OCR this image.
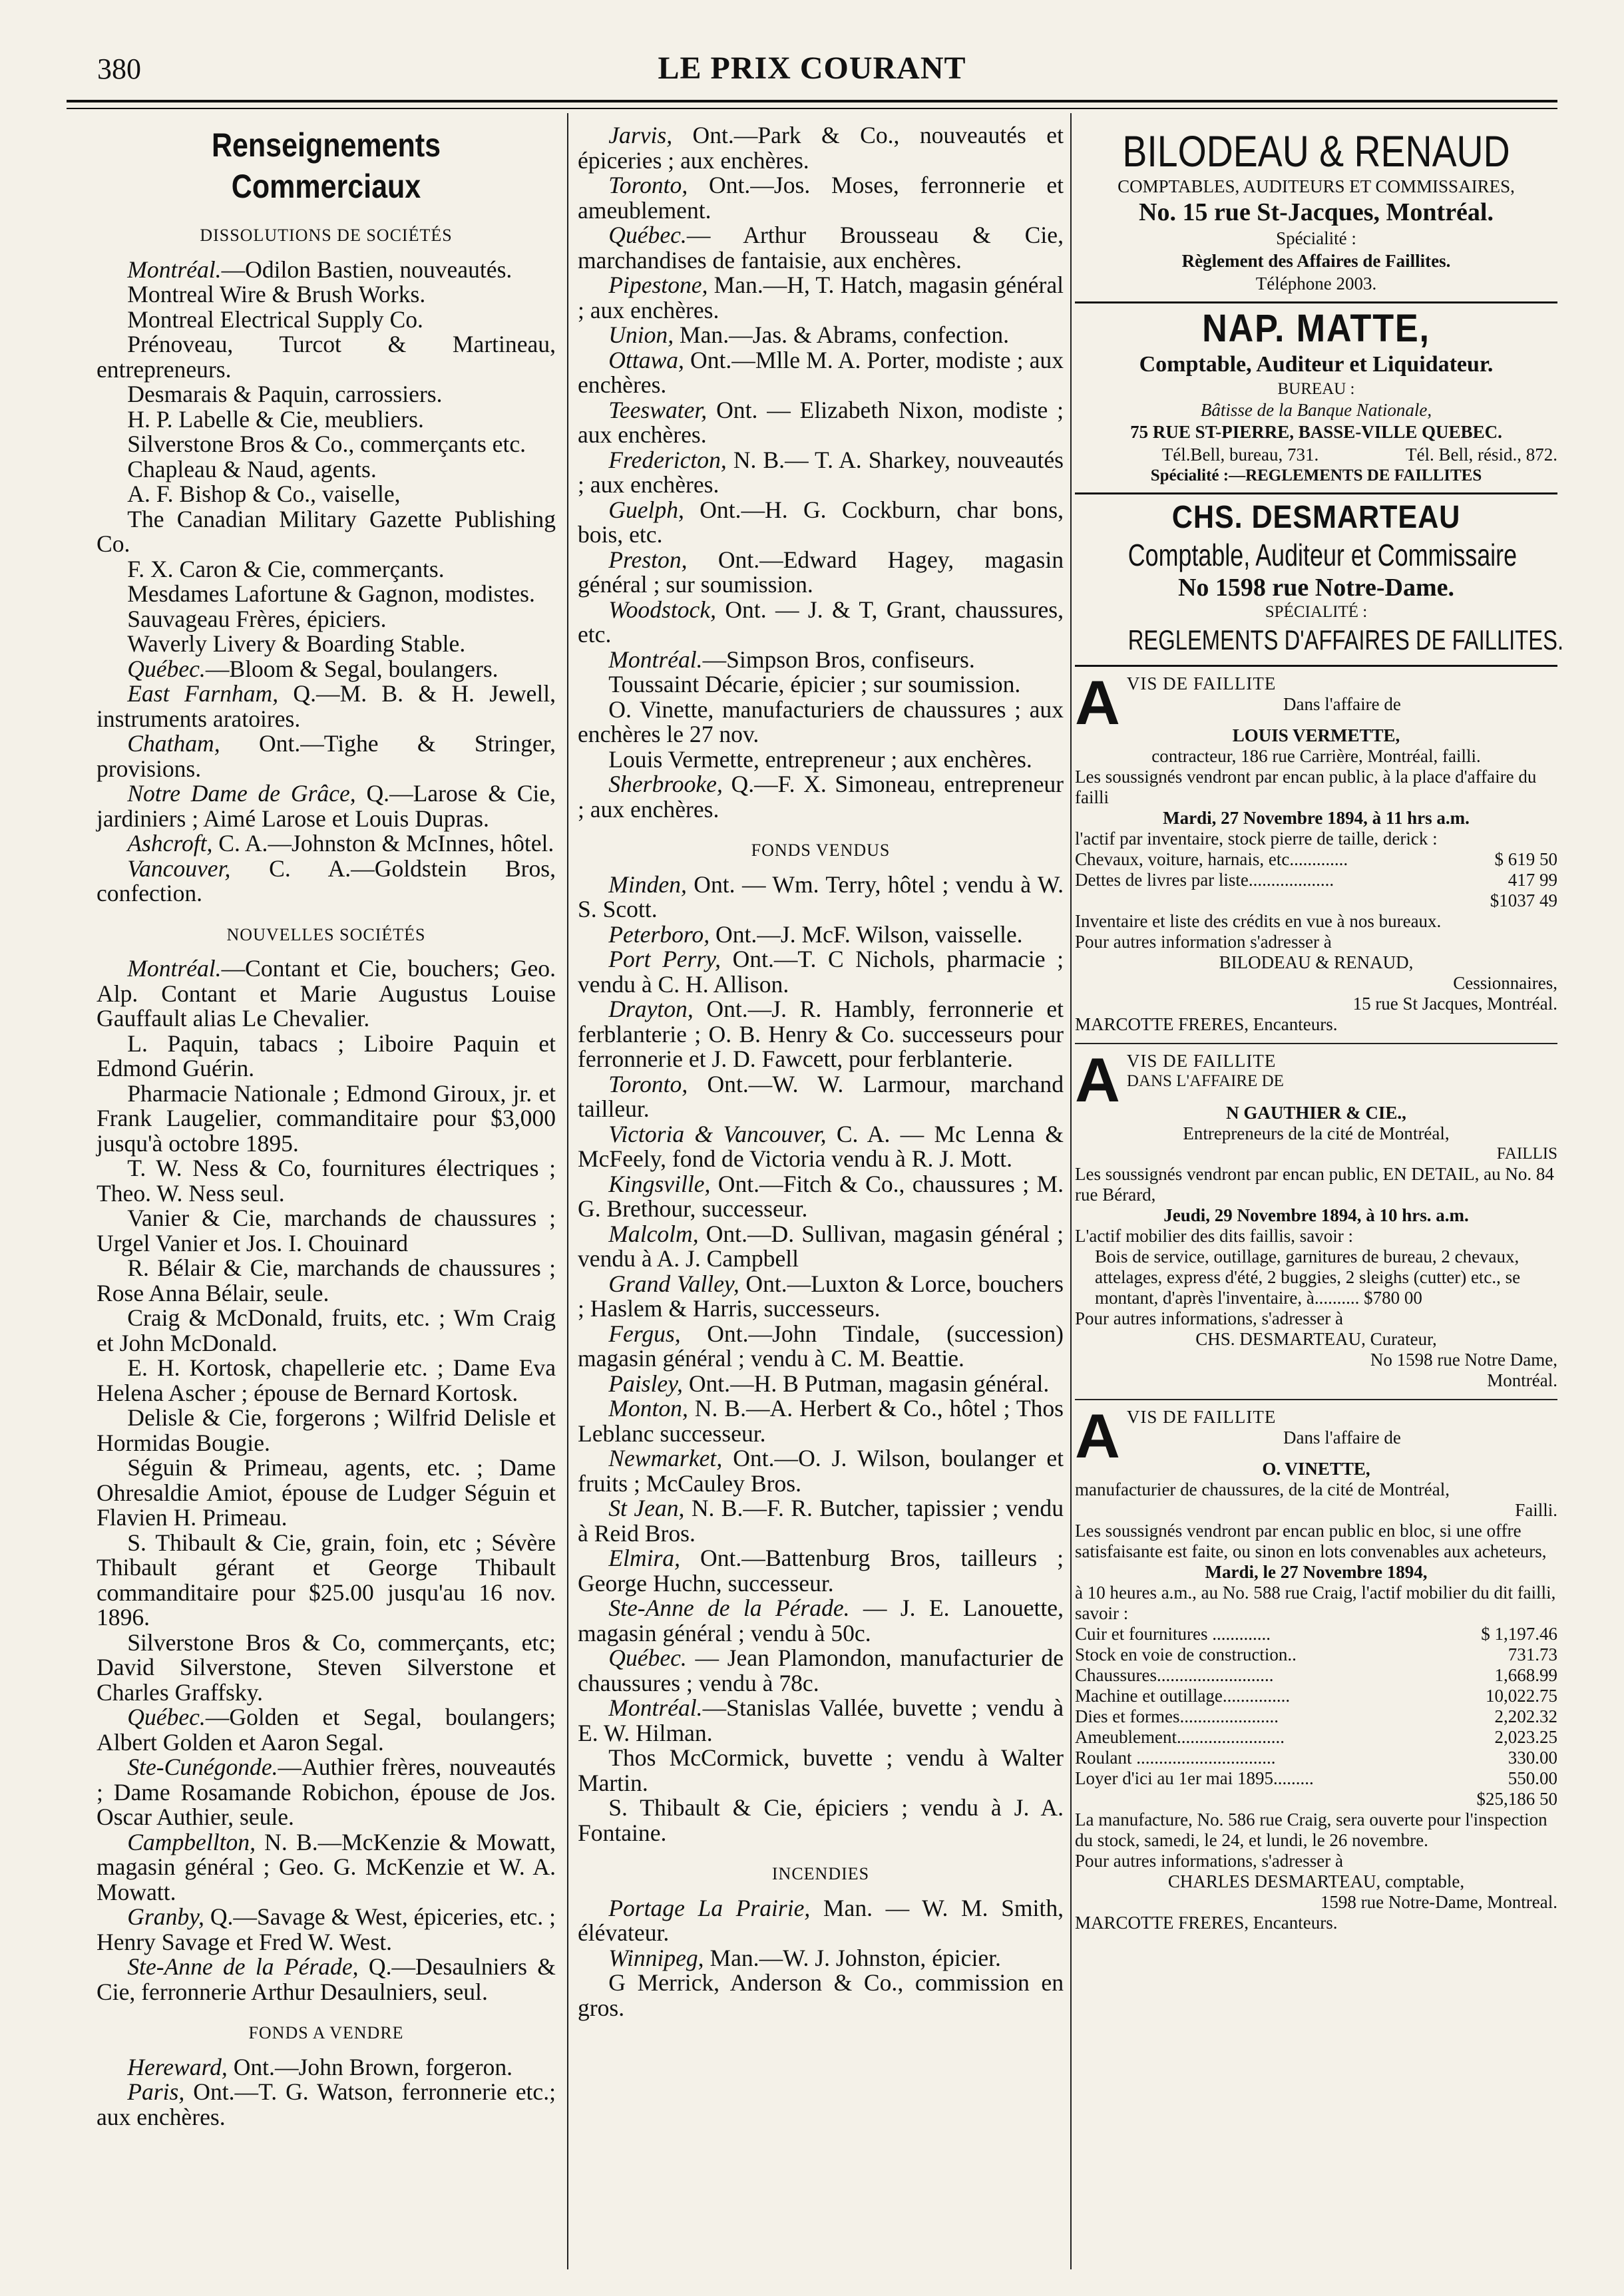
380	LE PRIX COURANT
Renseignements Commerciaux
DISSOLUTIONS DE SOCIÉTÉS

Montréal.—Odilon Bastien, nouveautés.

Montreal Wire & Brush Works.

Montreal Electrical Supply Co.

Prénoveau, Turcot & Martineau, entrepreneurs.

Desmarais & Paquin, carrossiers.

H. P. Labelle & Cie, meubliers.

Silverstone Bros & Co., commerçants etc.

Chapleau & Naud, agents.

A. F. Bishop & Co., vaiselle,

The Canadian Military Gazette Publishing Co.

F. X. Caron & Cie, commerçants.

Mesdames Lafortune & Gagnon, modistes.

Sauvageau Frères, épiciers.

Waverly Livery & Boarding Stable.

Québec.—Bloom & Segal, boulangers.

East Farnham, Q.—M. B. & H. Jewell, instruments aratoires.

Chatham, Ont.—Tighe & Stringer, provisions.

Notre Dame de Grâce, Q.—Larose & Cie, jardiniers ; Aimé Larose et Louis Dupras.

Ashcroft, C. A.—Johnston & McInnes, hôtel.

Vancouver, C. A.—Goldstein Bros, confection.

NOUVELLES SOCIÉTÉS

Montréal.—Contant et Cie, bouchers; Geo. Alp. Contant et Marie Augustus Louise Gauffault alias Le Chevalier.

L. Paquin, tabacs ; Liboire Paquin et Edmond Guérin.

Pharmacie Nationale ; Edmond Giroux, jr. et Frank Laugelier, commanditaire pour $3,000 jusqu'à octobre 1895.

T. W. Ness & Co, fournitures électriques ; Theo. W. Ness seul.

Vanier & Cie, marchands de chaussures ; Urgel Vanier et Jos. I. Chouinard

R. Bélair & Cie, marchands de chaussures ; Rose Anna Bélair, seule.

Craig & McDonald, fruits, etc. ; Wm Craig et John McDonald.

E. H. Kortosk, chapellerie etc. ; Dame Eva Helena Ascher ; épouse de Bernard Kortosk.

Delisle & Cie, forgerons ; Wilfrid Delisle et Hormidas Bougie.

Séguin & Primeau, agents, etc. ; Dame Ohresaldie Amiot, épouse de Ludger Séguin et Flavien H. Primeau.

S. Thibault & Cie, grain, foin, etc ; Sévère Thibault gérant et George Thibault commanditaire pour $25.00 jusqu'au 16 nov. 1896.

Silverstone Bros & Co, commerçants, etc; David Silverstone, Steven Silverstone et Charles Graffsky.

Québec.—Golden et Segal, boulangers; Albert Golden et Aaron Segal.

Ste-Cunégonde.—Authier frères, nouveautés ; Dame Rosamande Robichon, épouse de Jos. Oscar Authier, seule.

Campbellton, N. B.—McKenzie & Mowatt, magasin général ; Geo. G. McKenzie et W. A. Mowatt.

Granby, Q.—Savage & West, épiceries, etc. ; Henry Savage et Fred W. West.

Ste-Anne de la Pérade, Q.—Desaulniers & Cie, ferronnerie Arthur Desaulniers, seul.

FONDS A VENDRE

Hereward, Ont.—John Brown, forgeron.

Paris, Ont.—T. G. Watson, ferronnerie etc.; aux enchères.

Jarvis, Ont.—Park & Co., nouveautés et épiceries ; aux enchères.

Toronto, Ont.—Jos. Moses, ferronnerie et ameublement.

Québec.— Arthur Brousseau & Cie, marchandises de fantaisie, aux enchères.

Pipestone, Man.—H, T. Hatch, magasin général ; aux enchères.

Union, Man.—Jas. & Abrams, confection.

Ottawa, Ont.—Mlle M. A. Porter, modiste ; aux enchères.

Teeswater, Ont. — Elizabeth Nixon, modiste ; aux enchères.

Fredericton, N. B.— T. A. Sharkey, nouveautés ; aux enchères.

Guelph, Ont.—H. G. Cockburn, char bons, bois, etc.

Preston, Ont.—Edward Hagey, magasin général ; sur soumission.

Woodstock, Ont. — J. & T, Grant, chaussures, etc.

Montréal.—Simpson Bros, confiseurs.

Toussaint Décarie, épicier ; sur soumission.

O. Vinette, manufacturiers de chaussures ; aux enchères le 27 nov.

Louis Vermette, entrepreneur ; aux enchères.

Sherbrooke, Q.—F. X. Simoneau, entrepreneur ; aux enchères.

FONDS VENDUS

Minden, Ont. — Wm. Terry, hôtel ; vendu à W. S. Scott.

Peterboro, Ont.—J. McF. Wilson, vaisselle.

Port Perry, Ont.—T. C Nichols, pharmacie ; vendu à C. H. Allison.

Drayton, Ont.—J. R. Hambly, ferronnerie et ferblanterie ; O. B. Henry & Co. successeurs pour ferronnerie et J. D. Fawcett, pour ferblanterie.

Toronto, Ont.—W. W. Larmour, marchand tailleur.

Victoria & Vancouver, C. A. — Mc Lenna & McFeely, fond de Victoria vendu à R. J. Mott.

Kingsville, Ont.—Fitch & Co., chaussures ; M. G. Brethour, successeur.

Malcolm, Ont.—D. Sullivan, magasin général ; vendu à A. J. Campbell

Grand Valley, Ont.—Luxton & Lorce, bouchers ; Haslem & Harris, successeurs.

Fergus, Ont.—John Tindale, (succession) magasin général ; vendu à C. M. Beattie.

Paisley, Ont.—H. B Putman, magasin général.

Monton, N. B.—A. Herbert & Co., hôtel ; Thos Leblanc successeur.

Newmarket, Ont.—O. J. Wilson, boulanger et fruits ; McCauley Bros.

St Jean, N. B.—F. R. Butcher, tapissier ; vendu à Reid Bros.

Elmira, Ont.—Battenburg Bros, tailleurs ; George Huchn, successeur.

Ste-Anne de la Pérade. — J. E. Lanouette, magasin général ; vendu à 50c.

Québec. — Jean Plamondon, manufacturier de chaussures ; vendu à 78c.

Montréal.—Stanislas Vallée, buvette ; vendu à E. W. Hilman.

Thos McCormick, buvette ; vendu à Walter Martin.

S. Thibault & Cie, épiciers ; vendu à J. A. Fontaine.

INCENDIES

Portage La Prairie, Man. — W. M. Smith, élévateur.

Winnipeg, Man.—W. J. Johnston, épicier.

G Merrick, Anderson & Co., commission en gros.

BILODEAU & RENAUD
COMPTABLES, AUDITEURS ET COMMISSAIRES,
No. 15 rue St-Jacques, Montréal.
Spécialité :
Règlement des Affaires de Faillites.
Téléphone 2003.
NAP. MATTE,
Comptable, Auditeur et Liquidateur.
BUREAU :
Bâtisse de la Banque Nationale,
75 RUE ST-PIERRE, BASSE-VILLE QUEBEC.
Tél.Bell, bureau, 731.	Tél. Bell, résid., 872.
Spécialité :—REGLEMENTS DE FAILLITES
CHS. DESMARTEAU
Comptable, Auditeur et Commissaire
No 1598 rue Notre-Dame.
SPÉCIALITÉ :
REGLEMENTS D'AFFAIRES DE FAILLITES.
A VIS DE FAILLITE
Dans l'affaire de
LOUIS VERMETTE,
contracteur, 186 rue Carrière, Montréal, failli.
Les soussignés vendront par encan public, à la place d'affaire du failli
Mardi, 27 Novembre 1894, à 11 hrs a.m.
l'actif par inventaire, stock pierre de taille, derick :
Chevaux, voiture, harnais, etc.............	$ 619 50
Dettes de livres par liste...................	417 99
$1037 49
Inventaire et liste des crédits en vue à nos bureaux.
Pour autres information s'adresser à
BILODEAU & RENAUD,
Cessionnaires,
15 rue St Jacques, Montréal.
MARCOTTE FRERES, Encanteurs.
A VIS DE FAILLITE
DANS L'AFFAIRE DE
N GAUTHIER & CIE.,
Entrepreneurs de la cité de Montréal,
FAILLIS
Les soussignés vendront par encan public, EN DETAIL, au No. 84 rue Bérard,
Jeudi, 29 Novembre 1894, à 10 hrs. a.m.
L'actif mobilier des dits faillis, savoir :
Bois de service, outillage, garnitures de bureau, 2 chevaux, attelages, express d'été, 2 buggies, 2 sleighs (cutter) etc., se montant, d'après l'inventaire, à.......... $780 00
Pour autres informations, s'adresser à
CHS. DESMARTEAU, Curateur,
No 1598 rue Notre Dame,
Montréal.
A VIS DE FAILLITE
Dans l'affaire de
O. VINETTE,
manufacturier de chaussures, de la cité de Montréal,
Failli.
Les soussignés vendront par encan public en bloc, si une offre satisfaisante est faite, ou sinon en lots convenables aux acheteurs,
Mardi, le 27 Novembre 1894,
à 10 heures a.m., au No. 588 rue Craig, l'actif mobilier du dit failli, savoir :
Cuir et fournitures .............	$ 1,197.46
Stock en voie de construction..	731.73
Chaussures..........................	1,668.99
Machine et outillage...............	10,022.75
Dies et formes......................	2,202.32
Ameublement........................	2,023.25
Roulant ...............................	330.00
Loyer d'ici au 1er mai 1895.........	550.00
$25,186 50
La manufacture, No. 586 rue Craig, sera ouverte pour l'inspection du stock, samedi, le 24, et lundi, le 26 novembre.
Pour autres informations, s'adresser à
CHARLES DESMARTEAU, comptable,
1598 rue Notre-Dame, Montreal.
MARCOTTE FRERES, Encanteurs.
